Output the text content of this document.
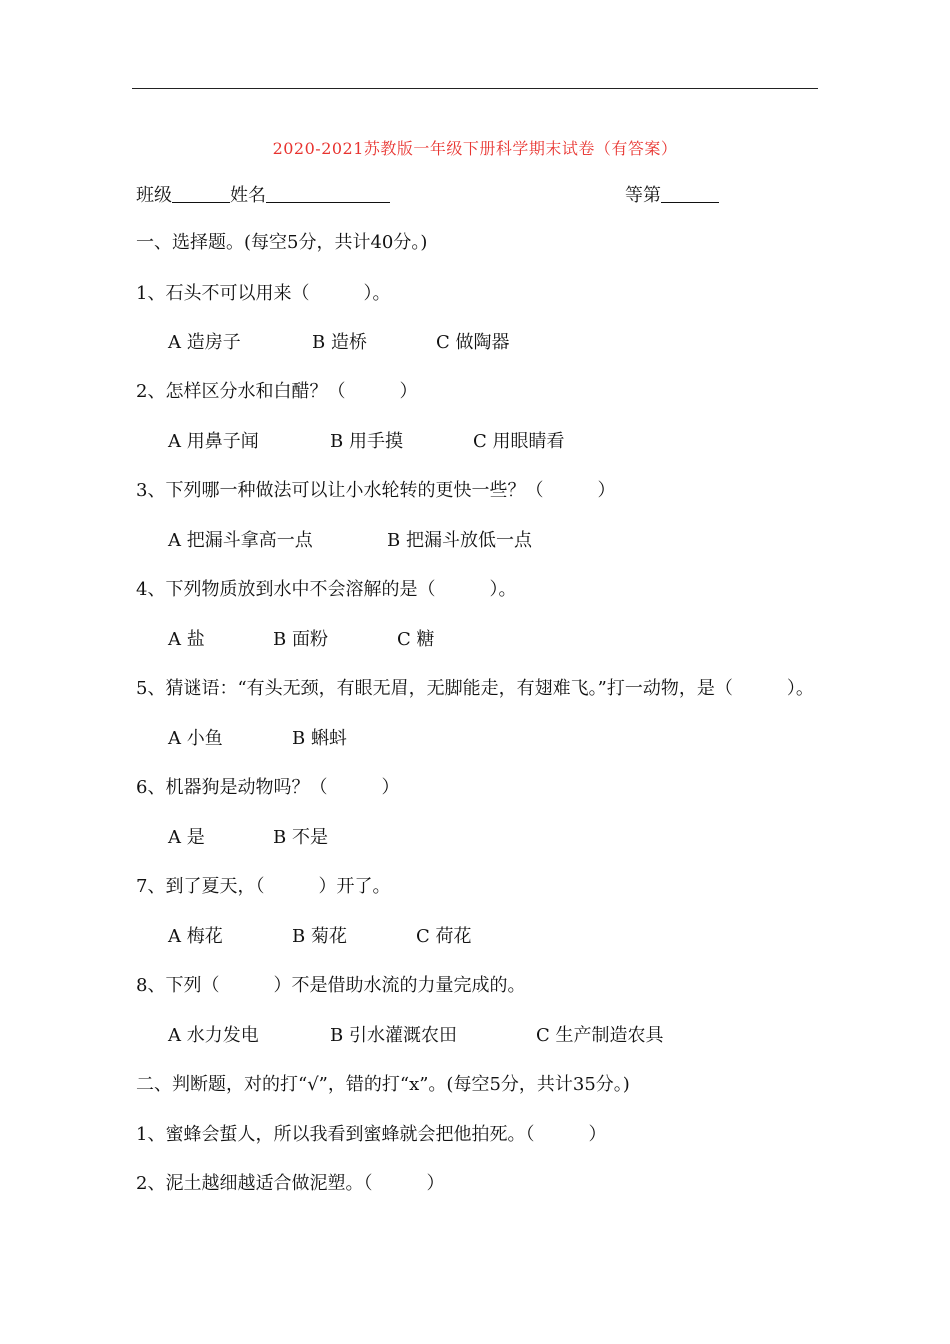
2020-2021苏教版一年级下册科学期末试卷（有答案）
班级	姓名	等第
一、选择题。(每空5分，共计40分。)
1、石头不可以用来（　　　）。
A 造房子	B 造桥	C 做陶器
2、怎样区分水和白醋？（　　　）
A 用鼻子闻	B 用手摸	C 用眼睛看
3、下列哪一种做法可以让小水轮转的更快一些？（　　　）
A 把漏斗拿高一点	B 把漏斗放低一点
4、下列物质放到水中不会溶解的是（　　　）。
A 盐	B 面粉	C 糖
5、猜谜语：“有头无颈，有眼无眉，无脚能走，有翅难飞。”打一动物，是（　　　）。
A 小鱼	B 蝌蚪
6、机器狗是动物吗？（　　　）
A 是	B 不是
7、到了夏天，（　　　）开了。
A 梅花	B 菊花	C 荷花
8、下列（　　　）不是借助水流的力量完成的。
A 水力发电	B 引水灌溉农田	C 生产制造农具
二、判断题，对的打“√”，错的打“x”。(每空5分，共计35分。)
1、蜜蜂会蜇人，所以我看到蜜蜂就会把他拍死。（　　　）
2、泥土越细越适合做泥塑。（　　　）
